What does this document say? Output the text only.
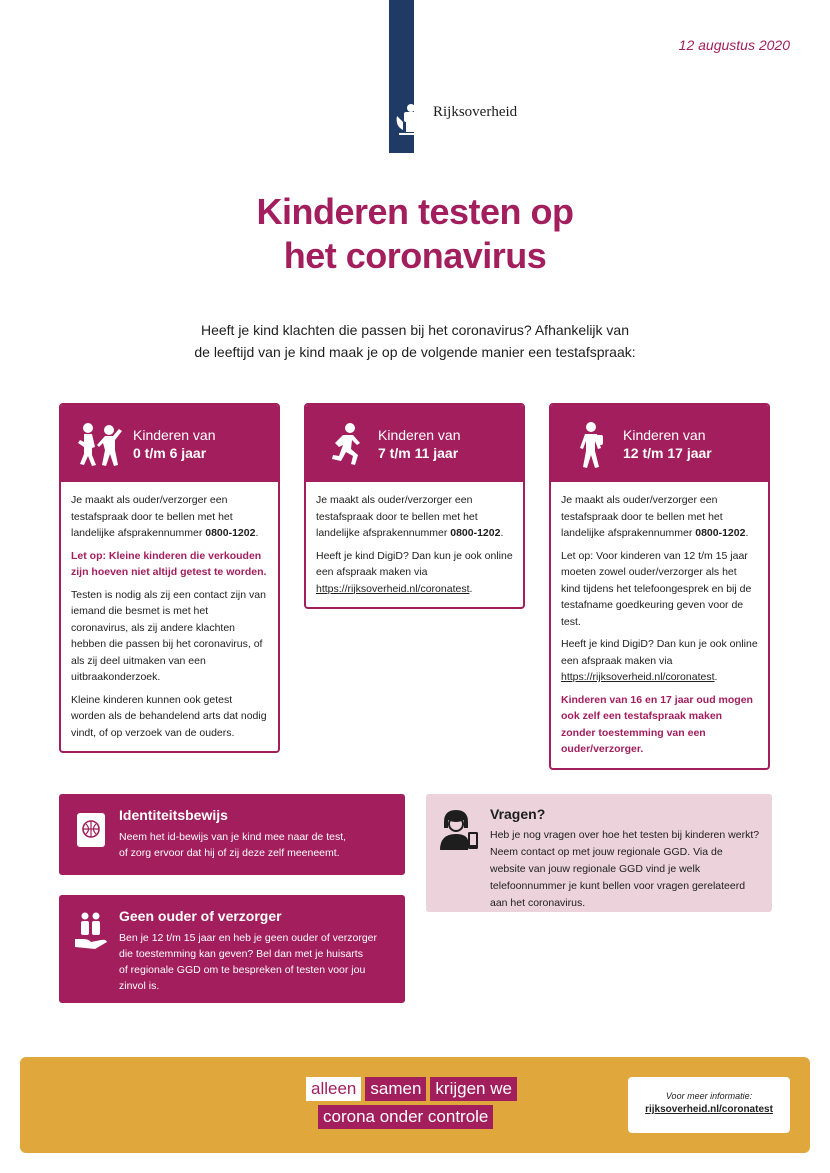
Rijksoverheid
12 augustus 2020
Kinderen testen op
het coronavirus
Heeft je kind klachten die passen bij het coronavirus? Afhankelijk van
de leeftijd van je kind maak je op de volgende manier een testafspraak:
Kinderen van
0 t/m 6 jaar

Je maakt als ouder/verzorger een testafspraak door te bellen met het landelijke afsprakennummer 0800-1202.

Let op: Kleine kinderen die verkouden zijn hoeven niet altijd getest te worden.

Testen is nodig als zij een contact zijn van iemand die besmet is met het coronavirus, als zij andere klachten hebben die passen bij het coronavirus, of als zij deel uitmaken van een uitbraakonderzoek.

Kleine kinderen kunnen ook getest worden als de behandelend arts dat nodig vindt, of op verzoek van de ouders.

Kinderen van
7 t/m 11 jaar

Je maakt als ouder/verzorger een testafspraak door te bellen met het landelijke afsprakennummer 0800-1202.

Heeft je kind DigiD? Dan kun je ook online een afspraak maken via https://rijksoverheid.nl/coronatest.

Kinderen van
12 t/m 17 jaar

Je maakt als ouder/verzorger een testafspraak door te bellen met het landelijke afsprakennummer 0800-1202.

Let op: Voor kinderen van 12 t/m 15 jaar moeten zowel ouder/verzorger als het kind tijdens het telefoongesprek en bij de testafname goedkeuring geven voor de test.

Heeft je kind DigiD? Dan kun je ook online een afspraak maken via https://rijksoverheid.nl/coronatest.

Kinderen van 16 en 17 jaar oud mogen ook zelf een testafspraak maken zonder toestemming van een ouder/verzorger.

Identiteitsbewijs
Neem het id-bewijs van je kind mee naar de test,
of zorg ervoor dat hij of zij deze zelf meeneemt.
Geen ouder of verzorger
Ben je 12 t/m 15 jaar en heb je geen ouder of verzorger
die toestemming kan geven? Bel dan met je huisarts
of regionale GGD om te bespreken of testen voor jou
zinvol is.
Vragen?
Heb je nog vragen over hoe het testen bij kinderen werkt? Neem contact op met jouw regionale GGD. Via de website van jouw regionale GGD vind je welk telefoonnummer je kunt bellen voor vragen gerelateerd aan het coronavirus.
alleen samen krijgen we
corona onder controle
Voor meer informatie:
rijksoverheid.nl/coronatest
